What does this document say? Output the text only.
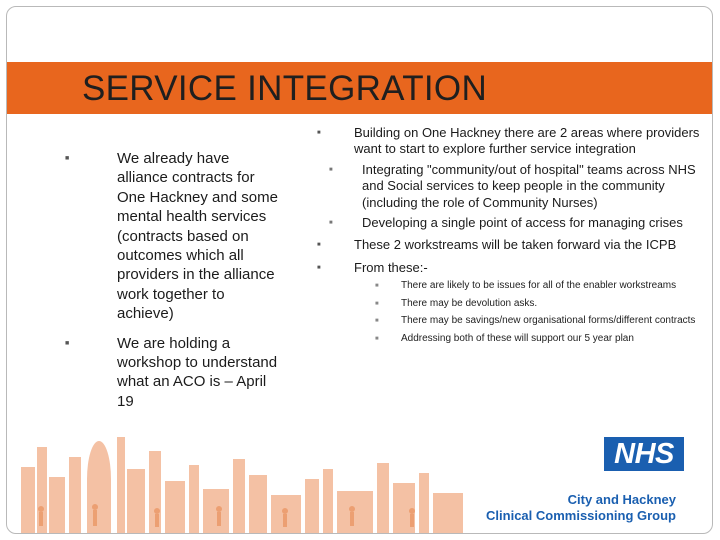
SERVICE INTEGRATION
■	We already have alliance contracts for One Hackney and some mental health services (contracts based on outcomes which all providers in the alliance work together to achieve)
■	We are holding a workshop to understand what an ACO is – April 19
■	Building on One Hackney there are 2 areas where providers want to start to explore further service integration
■ Integrating "community/out of hospital" teams across NHS and Social services to keep people in the community (including the role of Community Nurses)
■ Developing a single point of access for managing crises
■	These 2 workstreams will be taken forward via the ICPB
■	From these:-
■ There are likely to be issues for all of the enabler workstreams
■ There may be devolution asks.
■ There may be savings/new organisational forms/different contracts
■ Addressing both of these will support our 5 year plan
NHS
City and Hackney
Clinical Commissioning Group
